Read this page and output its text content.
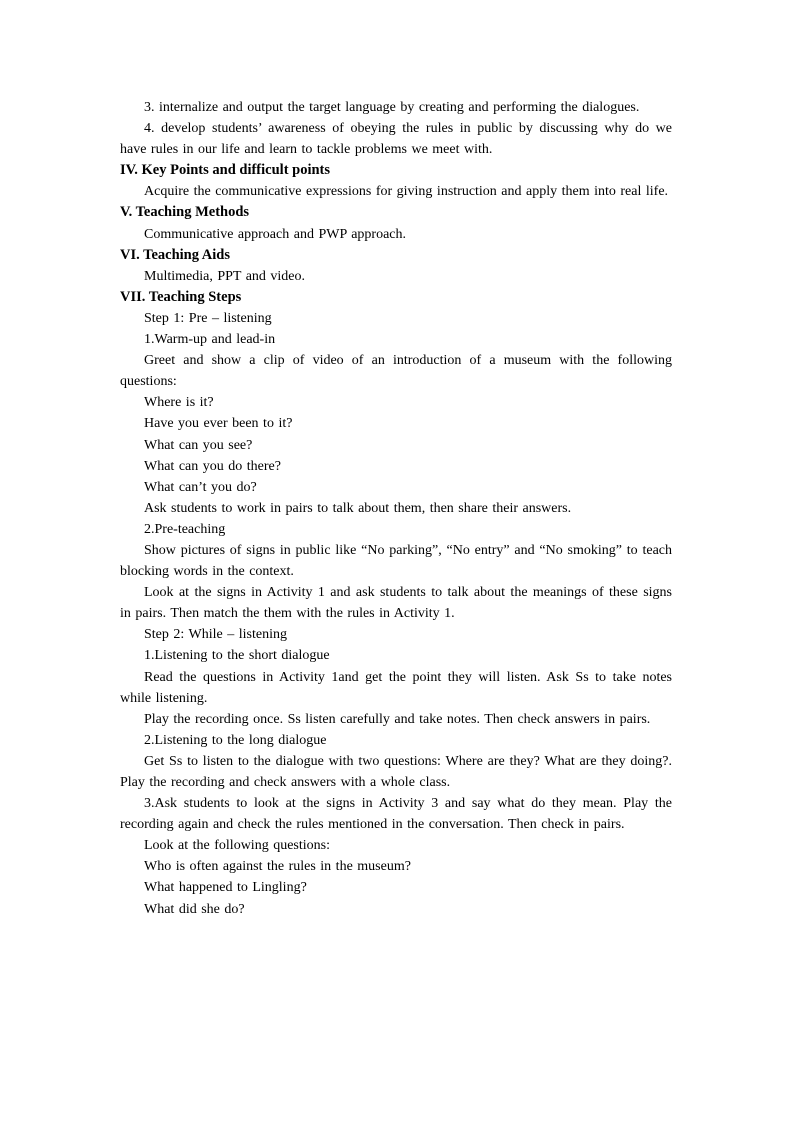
3. internalize and output the target language by creating and performing the dialogues.

4. develop students’ awareness of obeying the rules in public by discussing why do we have rules in our life and learn to tackle problems we meet with.

IV. Key Points and difficult points

Acquire the communicative expressions for giving instruction and apply them into real life.

V. Teaching Methods

Communicative approach and PWP approach.

VI. Teaching Aids

Multimedia, PPT and video.

VII. Teaching Steps

Step 1: Pre – listening

1.Warm-up and lead-in

Greet and show a clip of video of an introduction of a museum with the following questions:

Where is it?

Have you ever been to it?

What can you see?

What can you do there?

What can’t you do?

Ask students to work in pairs to talk about them, then share their answers.

2.Pre-teaching

Show pictures of signs in public like “No parking”, “No entry” and “No smoking” to teach blocking words in the context.

Look at the signs in Activity 1 and ask students to talk about the meanings of these signs in pairs. Then match the them with the rules in Activity 1.

Step 2: While – listening

1.Listening to the short dialogue

Read the questions in Activity 1and get the point they will listen. Ask Ss to take notes while listening.

Play the recording once. Ss listen carefully and take notes. Then check answers in pairs.

2.Listening to the long dialogue

Get Ss to listen to the dialogue with two questions: Where are they? What are they doing?. Play the recording and check answers with a whole class.

3.Ask students to look at the signs in Activity 3 and say what do they mean. Play the recording again and check the rules mentioned in the conversation. Then check in pairs.

Look at the following questions:

Who is often against the rules in the museum?

What happened to Lingling?

What did she do?
